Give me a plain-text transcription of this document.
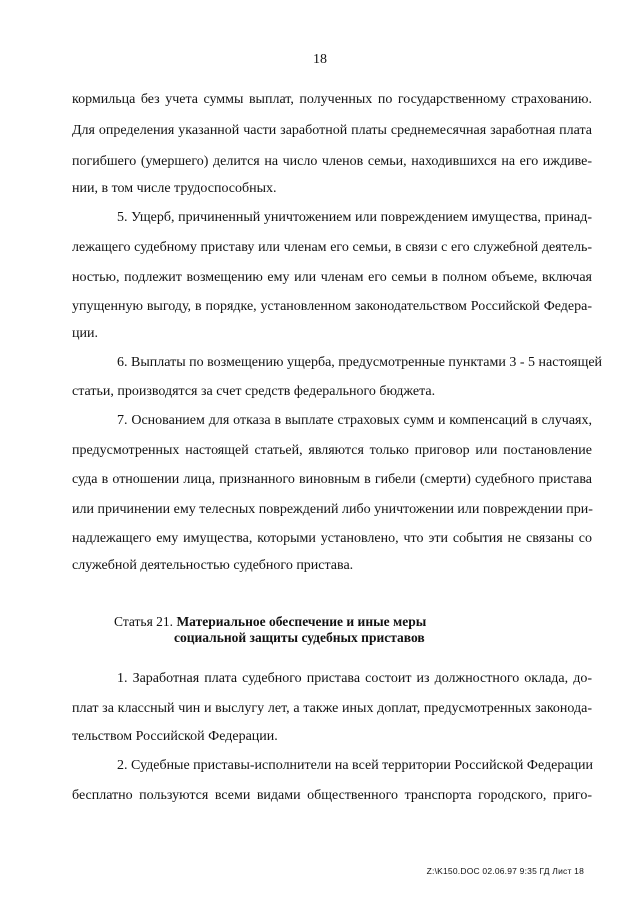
18
кормильца без учета суммы выплат, полученных по государственному страхованию.
Для определения указанной части заработной платы среднемесячная заработная плата
погибшего (умершего) делится на число членов семьи, находившихся на его иждиве-
нии, в том числе трудоспособных.
5. Ущерб, причиненный уничтожением или повреждением имущества, принад-
лежащего судебному приставу или членам его семьи, в связи с его служебной деятель-
ностью, подлежит возмещению ему или членам его семьи в полном объеме, включая
упущенную выгоду, в порядке, установленном законодательством Российской Федера-
ции.
6. Выплаты по возмещению ущерба, предусмотренные пунктами 3 - 5 настоящей
статьи, производятся за счет средств федерального бюджета.
7. Основанием для отказа в выплате страховых сумм и компенсаций в случаях,
предусмотренных настоящей статьей, являются только приговор или постановление
суда в отношении лица, признанного виновным в гибели (смерти) судебного пристава
или причинении ему телесных повреждений либо уничтожении или повреждении при-
надлежащего ему имущества, которыми установлено, что эти события не связаны со
служебной деятельностью судебного пристава.
Статья 21. Материальное обеспечение и иные меры
социальной защиты судебных приставов
1. Заработная плата судебного пристава состоит из должностного оклада, до-
плат за классный чин и выслугу лет, а также иных доплат, предусмотренных законода-
тельством Российской Федерации.
2. Судебные приставы-исполнители на всей территории Российской Федерации
бесплатно пользуются всеми видами общественного транспорта городского, приго-
Z:\K150.DOC 02.06.97 9:35 ГД Лист 18
